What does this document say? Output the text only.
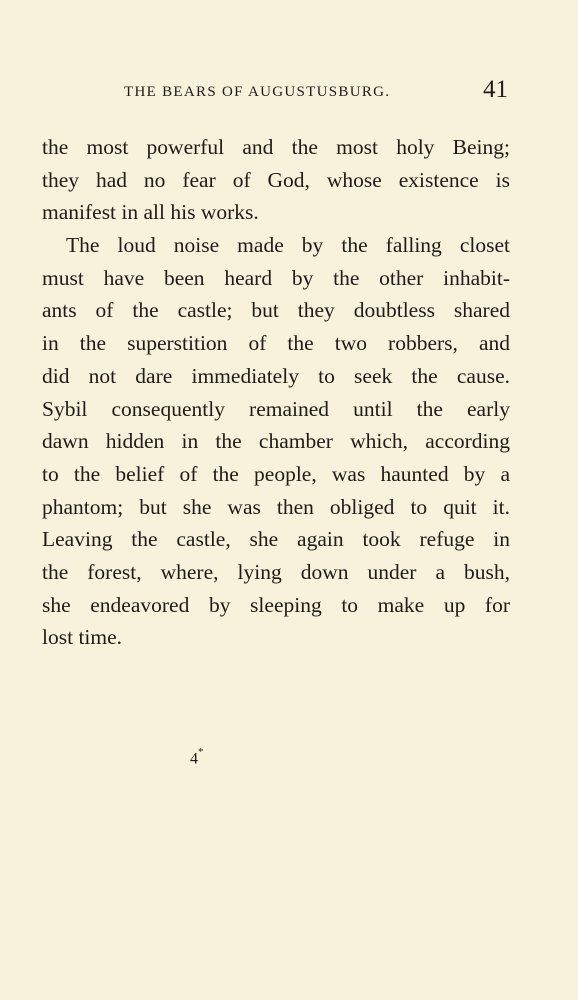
THE BEARS OF AUGUSTUSBURG.	41
the most powerful and the most holy Being;
they had no fear of God, whose existence is
manifest in all his works.
The loud noise made by the falling closet
must have been heard by the other inhabit-
ants of the castle; but they doubtless shared
in the superstition of the two robbers, and
did not dare immediately to seek the cause.
Sybil consequently remained until the early
dawn hidden in the chamber which, according
to the belief of the people, was haunted by a
phantom; but she was then obliged to quit it.
Leaving the castle, she again took refuge in
the forest, where, lying down under a bush,
she endeavored by sleeping to make up for
lost time.
4*
